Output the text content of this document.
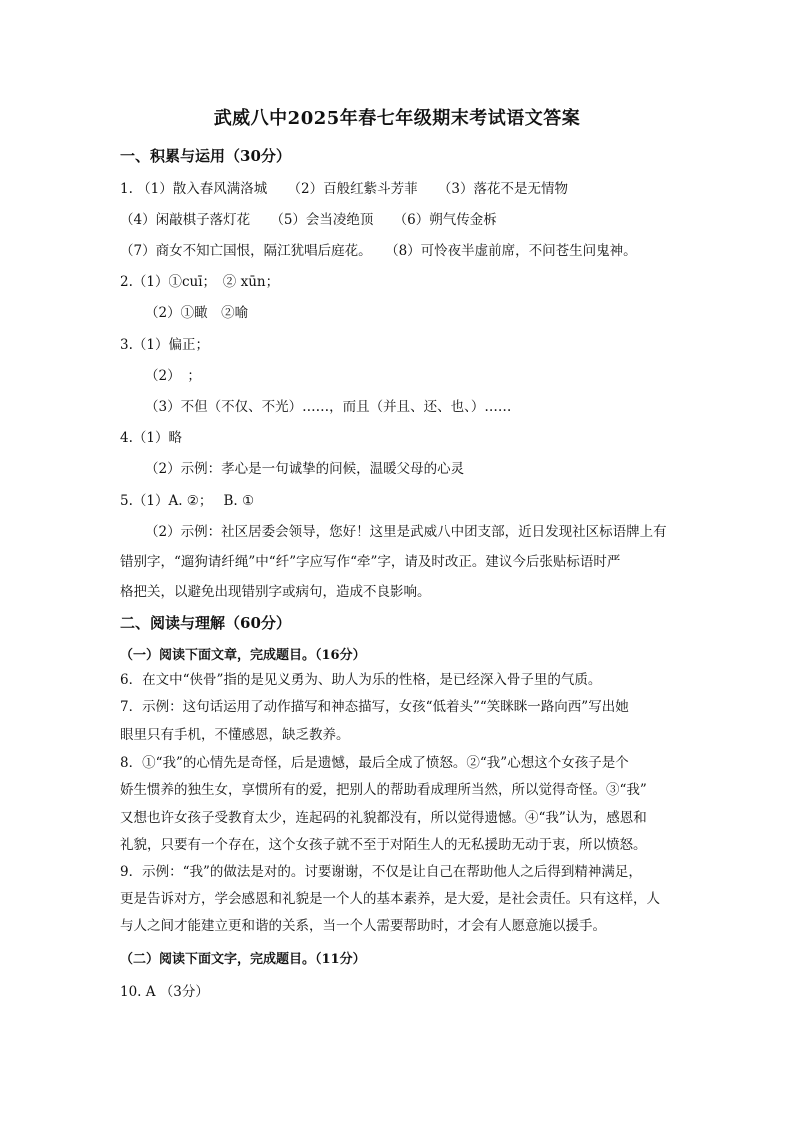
武威八中2025年春七年级期末考试语文答案
一、积累与运用（30分）
1. （1）散入春风满洛城　　（2）百般红紫斗芳菲　　（3）落花不是无情物
（4）闲敲棋子落灯花　　（5）会当凌绝顶　　（6）朔气传金柝
（7）商女不知亡国恨，隔江犹唱后庭花。　　（8）可怜夜半虚前席，不问苍生问鬼神。
2.（1）①cuī；　② xūn；
（2）①瞰　②喻
3.（1）偏正；
（2）　；
（3）不但（不仅、不光）……，而且（并且、还、也、）……
4.（1）略
（2）示例：孝心是一句诚挚的问候，温暖父母的心灵
5.（1）A. ②；　 B. ①
（2）示例：社区居委会领导，您好！这里是武威八中团支部，近日发现社区标语牌上有
错别字，“遛狗请纤绳”中“纤”字应写作“牵”字，请及时改正。建议今后张贴标语时严
格把关，以避免出现错别字或病句，造成不良影响。
二、阅读与理解（60分）
（一）阅读下面文章，完成题目。（16分）
6．在文中“侠骨”指的是见义勇为、助人为乐的性格，是已经深入骨子里的气质。
7．示例：这句话运用了动作描写和神态描写，女孩“低着头”“笑眯眯一路向西”写出她
眼里只有手机，不懂感恩，缺乏教养。
8．①“我”的心情先是奇怪，后是遗憾，最后全成了愤怒。②“我”心想这个女孩子是个
娇生惯养的独生女，享惯所有的爱，把别人的帮助看成理所当然，所以觉得奇怪。③“我”
又想也许女孩子受教育太少，连起码的礼貌都没有，所以觉得遗憾。④“我”认为，感恩和
礼貌，只要有一个存在，这个女孩子就不至于对陌生人的无私援助无动于衷，所以愤怒。
9．示例：“我”的做法是对的。讨要谢谢，不仅是让自己在帮助他人之后得到精神满足，
更是告诉对方，学会感恩和礼貌是一个人的基本素养，是大爱，是社会责任。只有这样，人
与人之间才能建立更和谐的关系，当一个人需要帮助时，才会有人愿意施以援手。
（二）阅读下面文字，完成题目。（11分）
10. A （3分）
